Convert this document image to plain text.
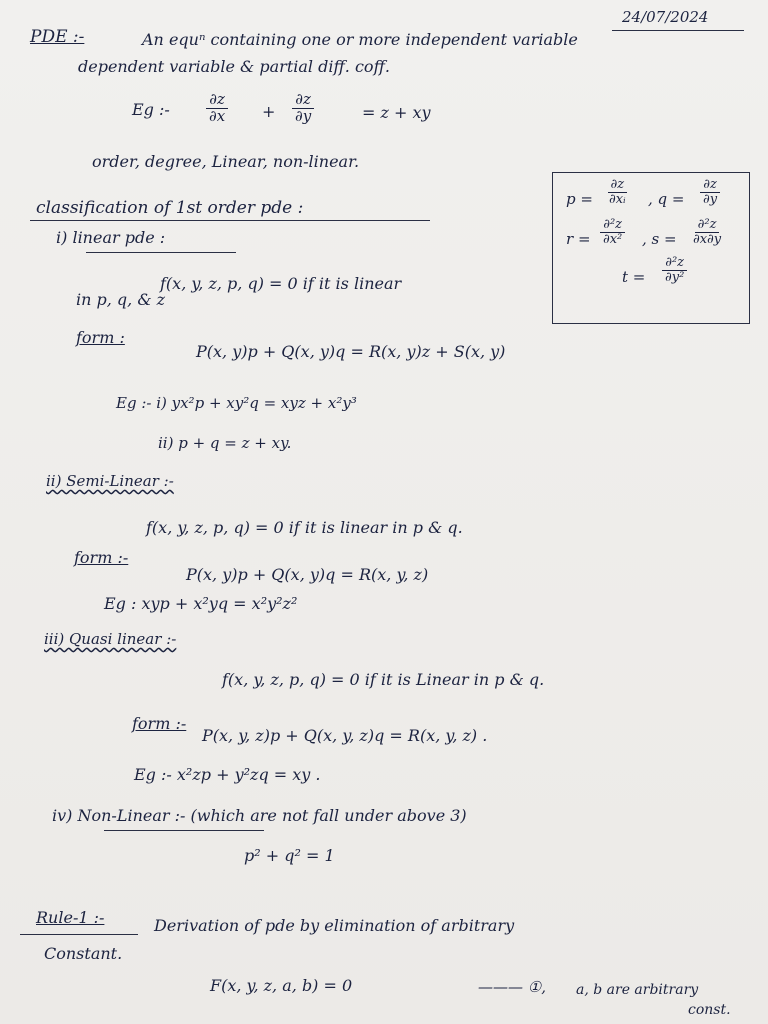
24/07/2024
PDE :-	An equⁿ containing one or more independent variable
dependent variable & partial diff. coff.
Eg :- $\frac{\partial z}{\partial x} + \frac{\partial z}{\partial y}$	= z + xy
order, degree, Linear, non-linear.
$p = \frac{\partial z}{\text{∂xᵢ}}$ , $q = \frac{\partial z}{\partial y}$
$r = \frac{\text{∂²z}}{\text{∂x²}}$ , $s = \frac{\text{∂²z}}{\partial x\partial y}$
$t = \frac{\text{∂²z}}{\text{∂y²}}$
classification of 1st order pde :
i) linear pde :
f(x, y, z, p, q) = 0 if it is linear
in p, q, & z
form :
P(x, y)p + Q(x, y)q = R(x, y)z + S(x, y)
Eg :- i) yx²p + xy²q = xyz + x²y³
ii) p + q = z + xy.
ii) Semi-Linear :-
f(x, y, z, p, q) = 0 if it is linear in p & q.
form :-
P(x, y)p + Q(x, y)q = R(x, y, z)
Eg : xyp + x²yq = x²y²z²
iii) Quasi linear :-
f(x, y, z, p, q) = 0 if it is Linear in p & q.
form :-
P(x, y, z)p + Q(x, y, z)q = R(x, y, z) .
Eg :- x²zp + y²zq = xy .
iv) Non-Linear :- (which are not fall under above 3)
p² + q² = 1
Rule-1 :-	Derivation of pde by elimination of arbitrary
Constant.
F(x, y, z, a, b) = 0	——— ①, a, b are arbitrary
const.
